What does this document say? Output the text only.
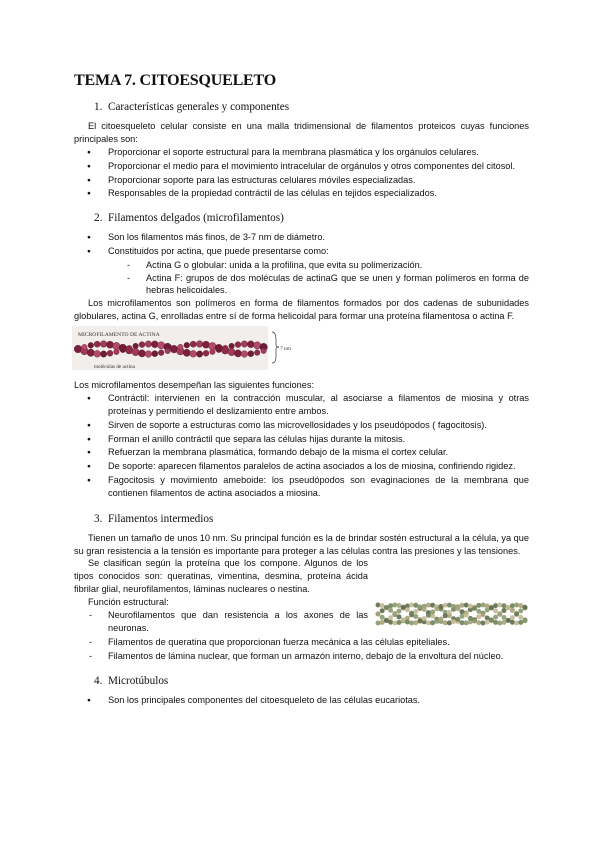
TEMA 7. CITOESQUELETO
1. Características generales y componentes

El citoesqueleto celular consiste en una malla tridimensional de filamentos proteicos cuyas funciones principales son:

● Proporcionar el soporte estructural para la membrana plasmática y los orgánulos celulares.
● Proporcionar el medio para el movimiento intracelular de orgánulos y otros componentes del citosol.
● Proporcionar soporte para las estructuras celulares móviles especializadas.
● Responsables de la propiedad contráctil de las células en tejidos especializados.
2. Filamentos delgados (microfilamentos)
● Son los filamentos más finos, de 3-7 nm de diámetro.
● Constituidos por actina, que puede presentarse como:
- Actina G o globular: unida a la profilina, que evita su polimerización.
- Actina F: grupos de dos moléculas de actinaG que se unen y forman polímeros en forma de hebras helicoidales.

Los microfilamentos son polímeros en forma de filamentos formados por dos cadenas de subunidades globulares, actina G, enrolladas entre sí de forma helicoidal para formar una proteína filamentosa o actina F.

MICROFILAMENTO DE ACTINA
moléculas de actina
7 nm

Los microfilamentos desempeñan las siguientes funciones:

● Contráctil: intervienen en la contracción muscular, al asociarse a filamentos de miosina y otras proteínas y permitiendo el deslizamiento entre ambos.
● Sirven de soporte a estructuras como las microvellosidades y los pseudópodos ( fagocitosis).
● Forman el anillo contráctil que separa las células hijas durante la mitosis.
● Refuerzan la membrana plasmática, formando debajo de la misma el cortex celular.
● De soporte: aparecen filamentos paralelos de actina asociados a los de miosina, confiriendo rigidez.
● Fagocitosis y movimiento ameboide: los pseudópodos son evaginaciones de la membrana que contienen filamentos de actina asociados a miosina.
3. Filamentos intermedios

Tienen un tamaño de unos 10 nm. Su principal función es la de brindar sostén estructural a la célula, ya que su gran resistencia a la tensión es importante para proteger a las células contra las presiones y las tensiones.

Se clasifican según la proteína que los compone. Algunos de los tipos conocidos son: queratinas, vimentina, desmina, proteína ácida fibrilar glial, neurofilamentos, láminas nucleares o nestina.

Función estructural:

- Neurofilamentos que dan resistencia a los axones de las neuronas.
- Filamentos de queratina que proporcionan fuerza mecánica a las células epiteliales.
- Filamentos de lámina nuclear, que forman un armazón interno, debajo de la envoltura del núcleo.
4. Microtúbulos
● Son los principales componentes del citoesqueleto de las células eucariotas.
